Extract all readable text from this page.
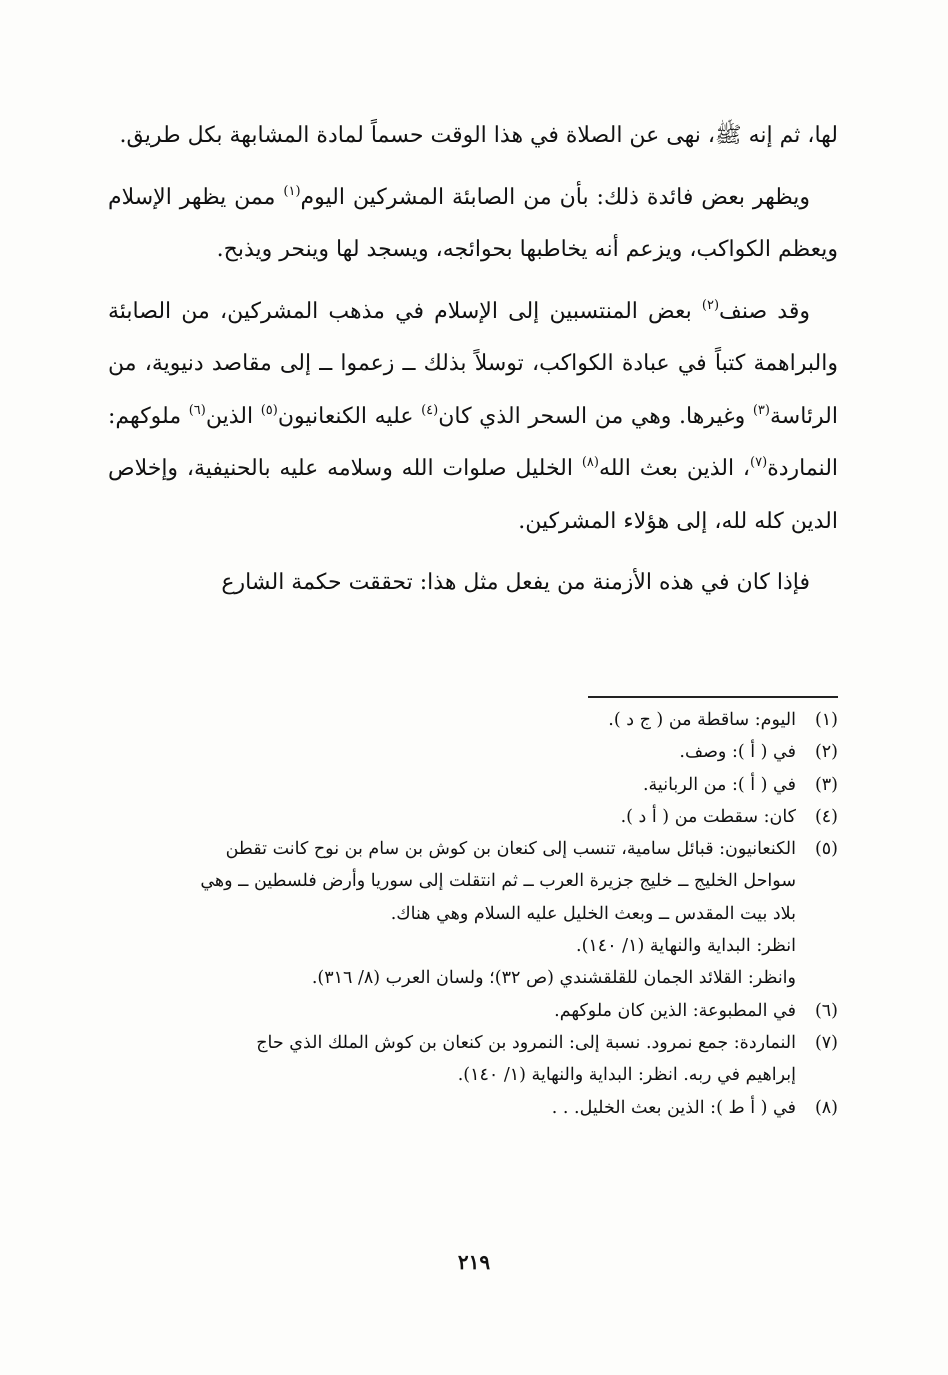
لها، ثم إنه ﷺ، نهى عن الصلاة في هذا الوقت حسماً لمادة المشابهة بكل طريق.

ويظهر بعض فائدة ذلك: بأن من الصابئة المشركين اليوم$^{(١)}$ ممن يظهر الإسلام ويعظم الكواكب، ويزعم أنه يخاطبها بحوائجه، ويسجد لها وينحر ويذبح.

وقد صنف$^{(٢)}$ بعض المنتسبين إلى الإسلام في مذهب المشركين، من الصابئة والبراهمة كتباً في عبادة الكواكب، توسلاً بذلك ــ زعموا ــ إلى مقاصد دنيوية، من الرئاسة$^{(٣)}$ وغيرها. وهي من السحر الذي كان$^{(٤)}$ عليه الكنعانيون$^{(٥)}$ الذين$^{(٦)}$ ملوكهم: النماردة$^{(٧)}$، الذين بعث الله$^{(٨)}$ الخليل صلوات الله وسلامه عليه بالحنيفية، وإخلاص الدين كله لله، إلى هؤلاء المشركين.

فإذا كان في هذه الأزمنة من يفعل مثل هذا: تحققت حكمة الشارع

(١)
اليوم: ساقطة من ( ج د ).
(٢)
في ( أ ): وصف.
(٣)
في ( أ ): من الربانية.
(٤)
كان: سقطت من ( أ د ).
(٥)
الكنعانيون: قبائل سامية، تنسب إلى كنعان بن كوش بن سام بن نوح كانت تقطن
سواحل الخليج ــ خليج جزيرة العرب ــ ثم انتقلت إلى سوريا وأرض فلسطين ــ وهي
بلاد بيت المقدس ــ وبعث الخليل عليه السلام وهي هناك.
انظر: البداية والنهاية (١/ ١٤٠).
وانظر: القلائد الجمان للقلقشندي (ص ٣٢)؛ ولسان العرب (٨/ ٣١٦).
(٦)
في المطبوعة: الذين كان ملوكهم.
(٧)
النماردة: جمع نمرود. نسبة إلى: النمرود بن كنعان بن كوش الملك الذي حاج
إبراهيم في ربه. انظر: البداية والنهاية (١/ ١٤٠).
(٨)
في ( أ ط ): الذين بعث الخليل. . .
٢١٩
